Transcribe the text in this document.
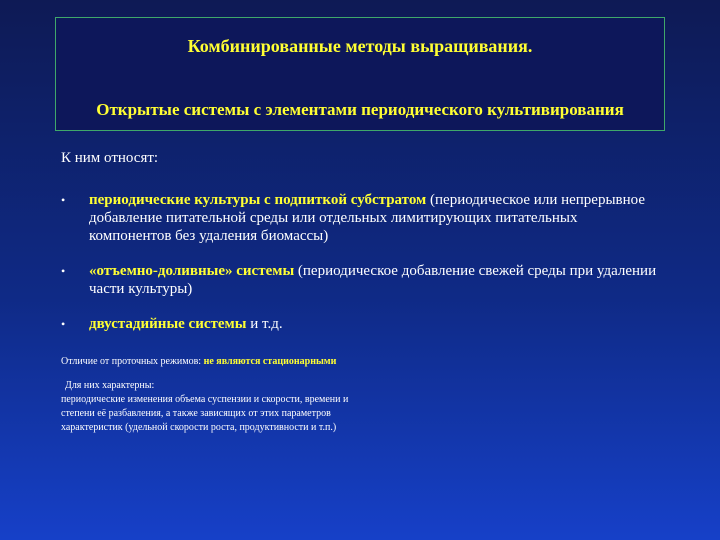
Комбинированные методы выращивания.
Открытые системы с элементами периодического культивирования

К ним относят:

• периодические культуры с подпиткой субстратом (периодическое или непрерывное добавление питательной среды или отдельных лимитирующих питательных компонентов без удаления биомассы)
• «отъемно-доливные» системы (периодическое добавление свежей среды при удалении части культуры)
• двустадийные системы и т.д.

Отличие от проточных режимов: не являются стационарными

Для них характерны:

периодические изменения объема суспензии и скорости, времени и

степени её разбавления, а также зависящих от этих параметров

характеристик (удельной скорости роста, продуктивности и т.п.)
